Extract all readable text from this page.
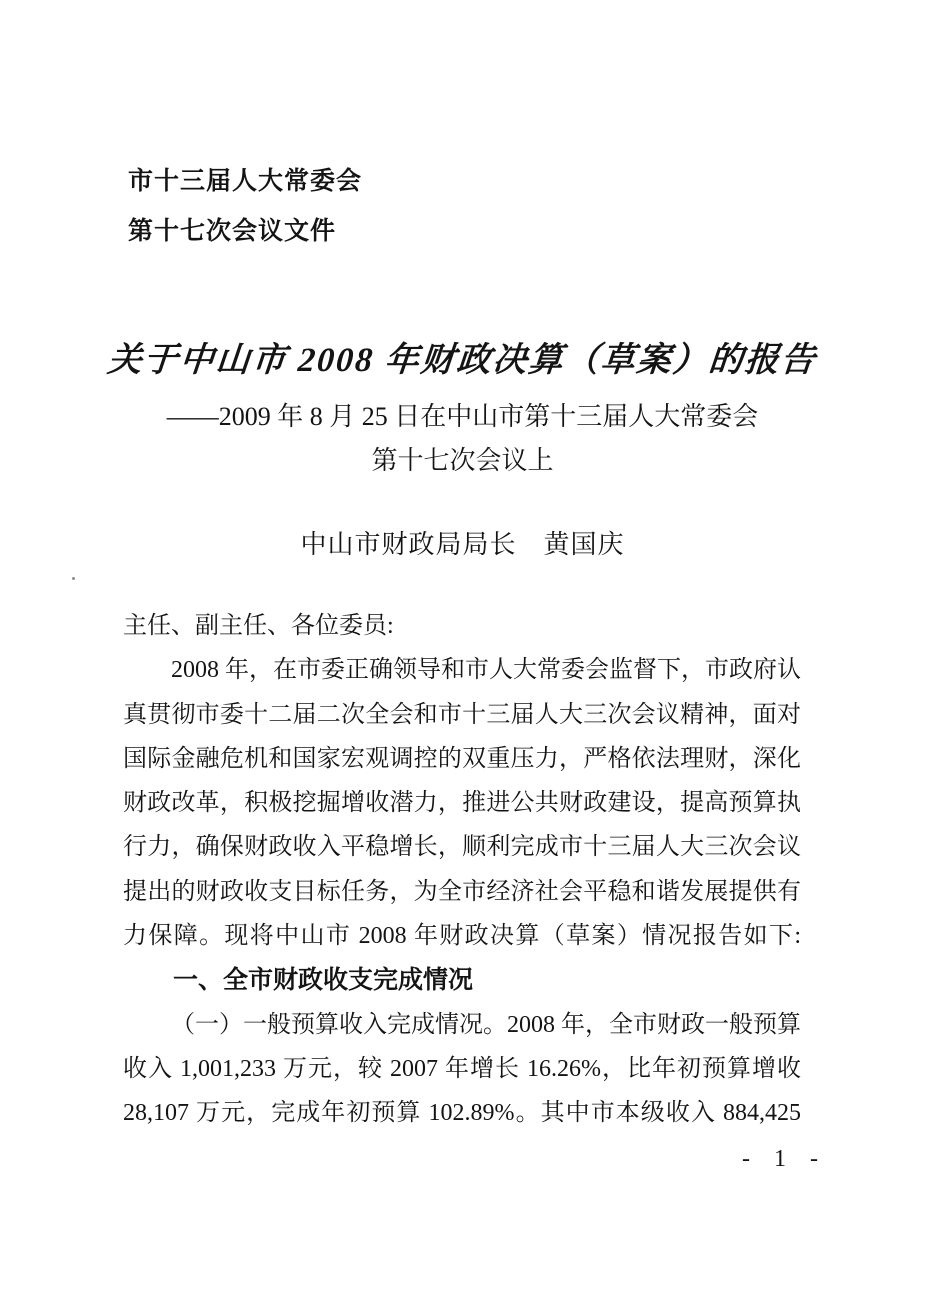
市十三届人大常委会
第十七次会议文件
关于中山市 2008 年财政决算（草案）的报告
——2009 年 8 月 25 日在中山市第十三届人大常委会
第十七次会议上
中山市财政局局长　黄国庆
主任、副主任、各位委员:
2008 年，在市委正确领导和市人大常委会监督下，市政府认
真贯彻市委十二届二次全会和市十三届人大三次会议精神，面对
国际金融危机和国家宏观调控的双重压力，严格依法理财，深化
财政改革，积极挖掘增收潜力，推进公共财政建设，提高预算执
行力，确保财政收入平稳增长，顺利完成市十三届人大三次会议
提出的财政收支目标任务，为全市经济社会平稳和谐发展提供有
力保障。现将中山市 2008 年财政决算（草案）情况报告如下:
一、全市财政收支完成情况
（一）一般预算收入完成情况。2008 年，全市财政一般预算
收入 1,001,233 万元，较 2007 年增长 16.26%，比年初预算增收
28,107 万元，完成年初预算 102.89%。其中市本级收入 884,425
- 1 -
